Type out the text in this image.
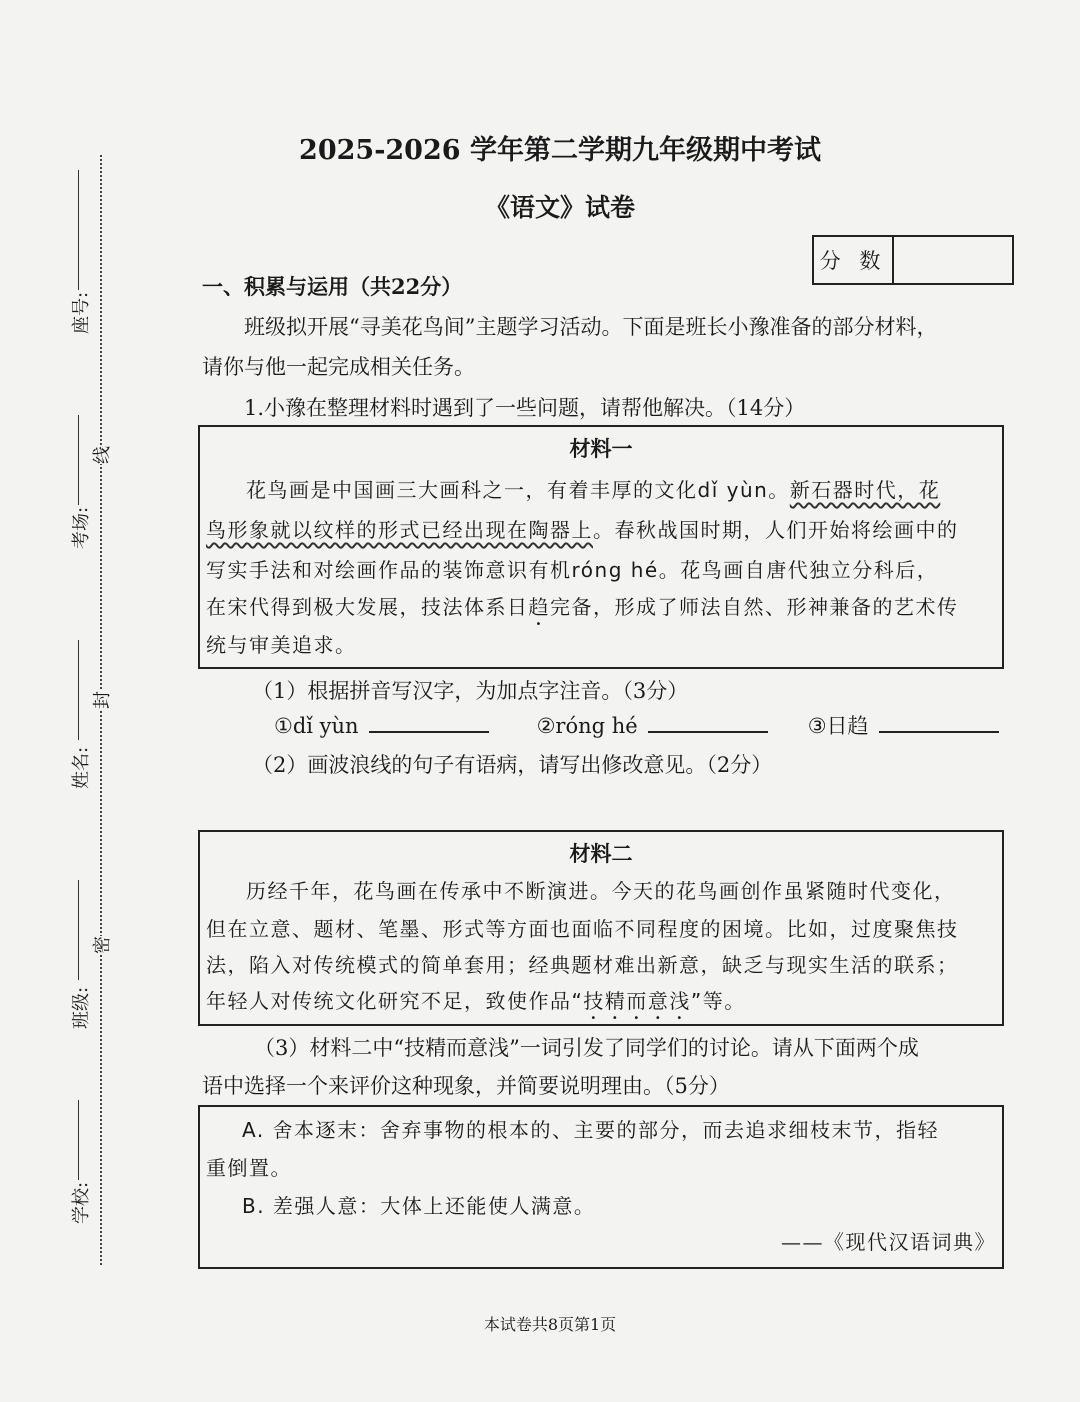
座号:
考场:
姓名:
班级:
学校:
线
封
密
2025-2026 学年第二学期九年级期中考试
《语文》试卷
分 数
一、积累与运用（共22分）
班级拟开展“寻美花鸟间”主题学习活动。下面是班长小豫准备的部分材料，
请你与他一起完成相关任务。
1.小豫在整理材料时遇到了一些问题，请帮他解决。（14分）
材料一
花鸟画是中国画三大画科之一，有着丰厚的文化dǐ yùn。新石器时代，花
鸟形象就以纹样的形式已经出现在陶器上。春秋战国时期，人们开始将绘画中的
写实手法和对绘画作品的装饰意识有机róng hé。花鸟画自唐代独立分科后，
在宋代得到极大发展，技法体系日趋完备，形成了师法自然、形神兼备的艺术传
统与审美追求。
（1）根据拼音写汉字，为加点字注音。（3分）
①dǐ yùn	②róng hé	③日趋
（2）画波浪线的句子有语病，请写出修改意见。（2分）
材料二
历经千年，花鸟画在传承中不断演进。今天的花鸟画创作虽紧随时代变化，
但在立意、题材、笔墨、形式等方面也面临不同程度的困境。比如，过度聚焦技
法，陷入对传统模式的简单套用；经典题材难出新意，缺乏与现实生活的联系；
年轻人对传统文化研究不足，致使作品“技精而意浅”等。
（3）材料二中“技精而意浅”一词引发了同学们的讨论。请从下面两个成
语中选择一个来评价这种现象，并简要说明理由。（5分）
A. 舍本逐末：舍弃事物的根本的、主要的部分，而去追求细枝末节，指轻
重倒置。
B. 差强人意：大体上还能使人满意。
——《现代汉语词典》
本试卷共8页第1页
